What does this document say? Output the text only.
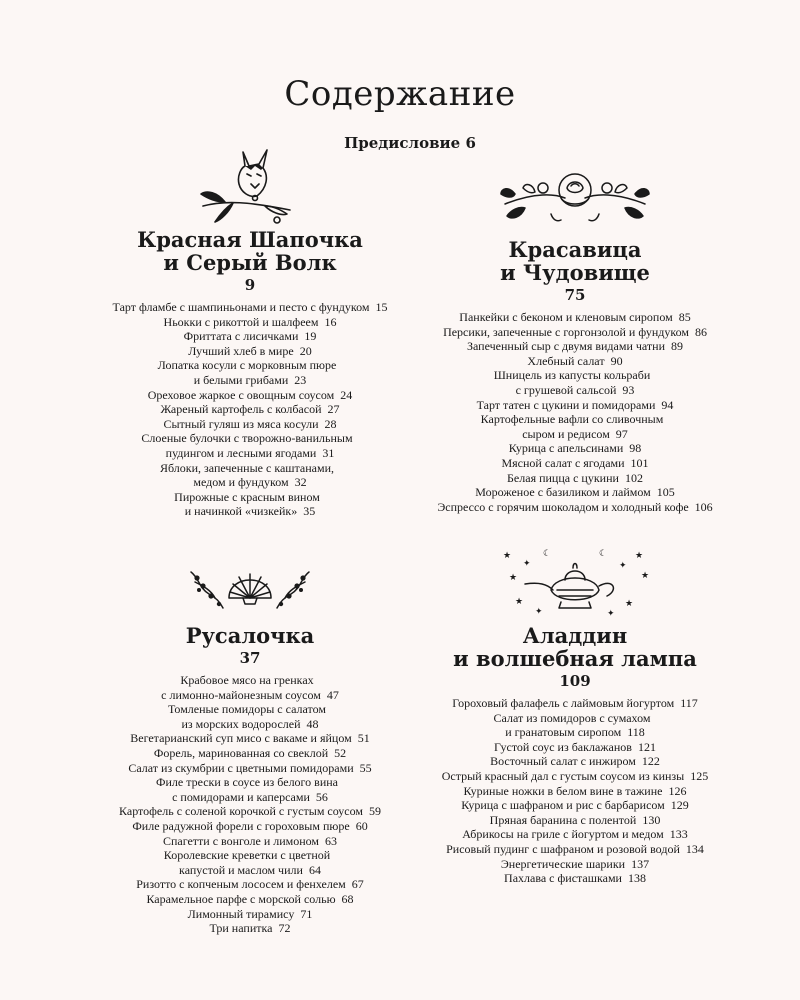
Содержание
Предисловие 6
Красная Шапочка
и Серый Волк
9
Тарт фламбе с шампиньонами и песто с фундуком 15
Ньокки с рикоттой и шалфеем 16
Фриттата с лисичками 19
Лучший хлеб в мире 20
Лопатка косули с морковным пюре
и белыми грибами 23
Ореховое жаркое с овощным соусом 24
Жареный картофель с колбасой 27
Сытный гуляш из мяса косули 28
Слоеные булочки с творожно-ванильным
пудингом и лесными ягодами 31
Яблоки, запеченные с каштанами,
медом и фундуком 32
Пирожные с красным вином
и начинкой «чизкейк» 35
Красавица
и Чудовище
75
Панкейки с беконом и кленовым сиропом 85
Персики, запеченные с горгонзолой и фундуком 86
Запеченный сыр с двумя видами чатни 89
Хлебный салат 90
Шницель из капусты кольраби
с грушевой сальсой 93
Тарт татен с цукини и помидорами 94
Картофельные вафли со сливочным
сыром и редисом 97
Курица с апельсинами 98
Мясной салат с ягодами 101
Белая пицца с цукини 102
Мороженое с базиликом и лаймом 105
Эспрессо с горячим шоколадом и холодный кофе 106
Русалочка
37
Крабовое мясо на гренках
с лимонно-майонезным соусом 47
Томленые помидоры с салатом
из морских водорослей 48
Вегетарианский суп мисо с вакаме и яйцом 51
Форель, маринованная со свеклой 52
Салат из скумбрии с цветными помидорами 55
Филе трески в соусе из белого вина
с помидорами и каперсами 56
Картофель с соленой корочкой с густым соусом 59
Филе радужной форели с гороховым пюре 60
Спагетти с вонголе и лимоном 63
Королевские креветки с цветной
капустой и маслом чили 64
Ризотто с копченым лососем и фенхелем 67
Карамельное парфе с морской солью 68
Лимонный тирамису 71
Три напитка 72
★
✦
★
★
✦
★
★	★
✦
✦
☾
☾
Аладдин
и волшебная лампа
109
Гороховый фалафель с лаймовым йогуртом 117
Салат из помидоров с сумахом
и гранатовым сиропом 118
Густой соус из баклажанов 121
Восточный салат с инжиром 122
Острый красный дал с густым соусом из кинзы 125
Куриные ножки в белом вине в тажине 126
Курица с шафраном и рис с барбарисом 129
Пряная баранина с полентой 130
Абрикосы на гриле с йогуртом и медом 133
Рисовый пудинг с шафраном и розовой водой 134
Энергетические шарики 137
Пахлава с фисташками 138
